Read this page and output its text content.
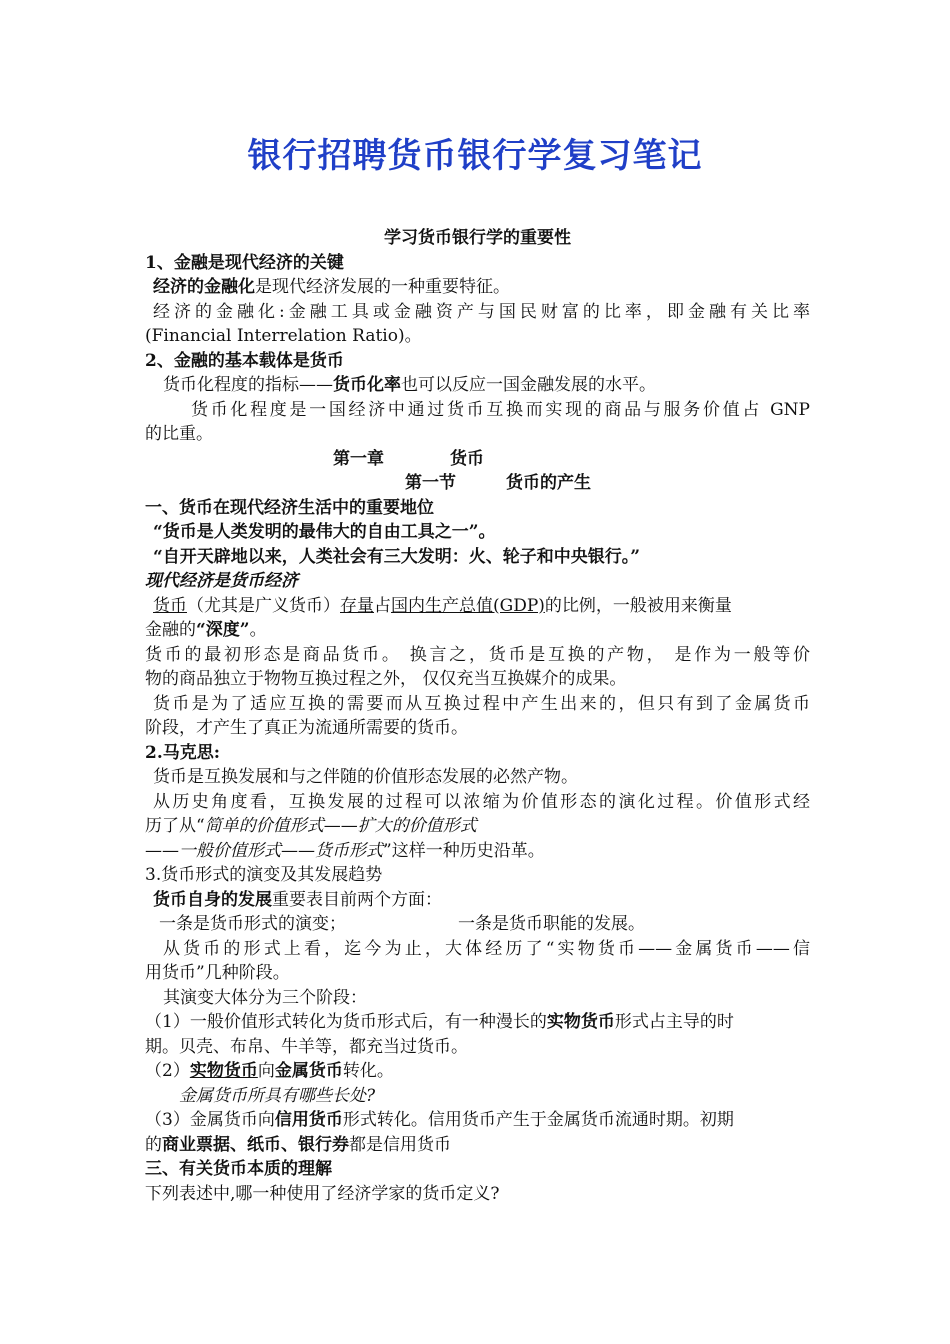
银行招聘货币银行学复习笔记
学习货币银行学的重要性
1、金融是现代经济的关键
经济的金融化是现代经济发展的一种重要特征。
经济的金融化:金融工具或金融资产与国民财富的比率，即金融有关比率
(Financial Interrelation Ratio)。
2、金融的基本载体是货币
货币化程度的指标——货币化率也可以反应一国金融发展的水平。
货币化程度是一国经济中通过货币互换而实现的商品与服务价值占 GNP
的比重。
第一章	货币
第一节	货币的产生
一、货币在现代经济生活中的重要地位
“货币是人类发明的最伟大的自由工具之一”。
“自开天辟地以来，人类社会有三大发明：火、轮子和中央银行。”
现代经济是货币经济
货币（尤其是广义货币）存量占国内生产总值(GDP)的比例，一般被用来衡量
金融的“深度”。
货币的最初形态是商品货币。 换言之，货币是互换的产物， 是作为一般等价
物的商品独立于物物互换过程之外， 仅仅充当互换媒介的成果。
货币是为了适应互换的需要而从互换过程中产生出来的，但只有到了金属货币
阶段，才产生了真正为流通所需要的货币。
2.马克思:
货币是互换发展和与之伴随的价值形态发展的必然产物。
从历史角度看，互换发展的过程可以浓缩为价值形态的演化过程。价值形式经
历了从“简单的价值形式——扩大的价值形式
——一般价值形式——货币形式”这样一种历史沿革。
3.货币形式的演变及其发展趋势
货币自身的发展重要表目前两个方面：
一条是货币形式的演变；	一条是货币职能的发展。
从货币的形式上看，迄今为止，大体经历了“实物货币——金属货币——信
用货币”几种阶段。
其演变大体分为三个阶段：
（1）一般价值形式转化为货币形式后，有一种漫长的实物货币形式占主导的时
期。贝壳、布帛、牛羊等，都充当过货币。
（2）实物货币向金属货币转化。
金属货币所具有哪些长处?
（3）金属货币向信用货币形式转化。信用货币产生于金属货币流通时期。初期
的商业票据、纸币、银行券都是信用货币
三、有关货币本质的理解
下列表述中,哪一种使用了经济学家的货币定义?
